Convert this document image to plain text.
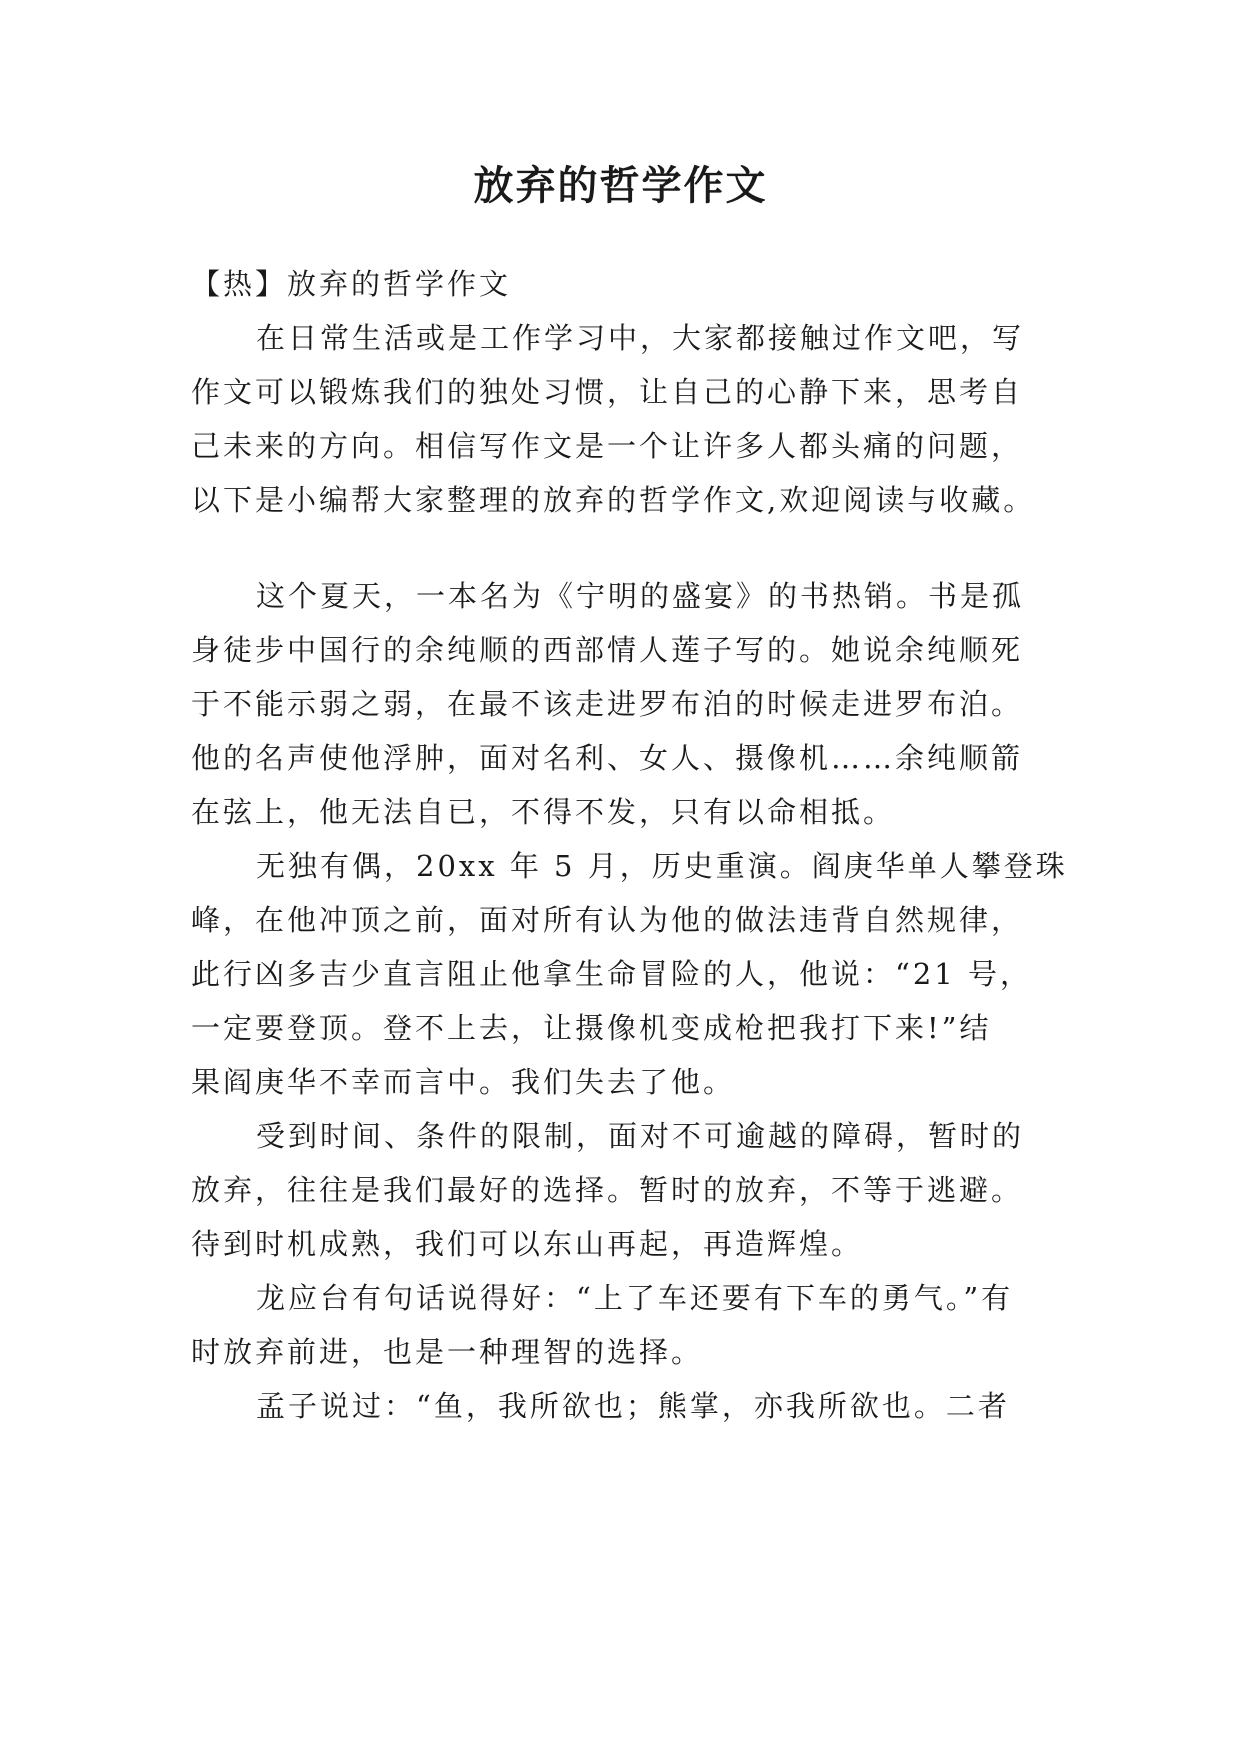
放弃的哲学作文
【热】放弃的哲学作文
在日常生活或是工作学习中，大家都接触过作文吧，写
作文可以锻炼我们的独处习惯，让自己的心静下来，思考自
己未来的方向。相信写作文是一个让许多人都头痛的问题，
以下是小编帮大家整理的放弃的哲学作文,欢迎阅读与收藏。
这个夏天，一本名为《宁明的盛宴》的书热销。书是孤
身徒步中国行的余纯顺的西部情人莲子写的。她说余纯顺死
于不能示弱之弱，在最不该走进罗布泊的时候走进罗布泊。
他的名声使他浮肿，面对名利、女人、摄像机……余纯顺箭
在弦上，他无法自已，不得不发，只有以命相抵。
无独有偶，20xx 年 5 月，历史重演。阎庚华单人攀登珠
峰，在他冲顶之前，面对所有认为他的做法违背自然规律，
此行凶多吉少直言阻止他拿生命冒险的人，他说：“21 号，
一定要登顶。登不上去，让摄像机变成枪把我打下来!”结
果阎庚华不幸而言中。我们失去了他。
受到时间、条件的限制，面对不可逾越的障碍，暂时的
放弃，往往是我们最好的选择。暂时的放弃，不等于逃避。
待到时机成熟，我们可以东山再起，再造辉煌。
龙应台有句话说得好：“上了车还要有下车的勇气。”有
时放弃前进，也是一种理智的选择。
孟子说过：“鱼，我所欲也；熊掌，亦我所欲也。二者
